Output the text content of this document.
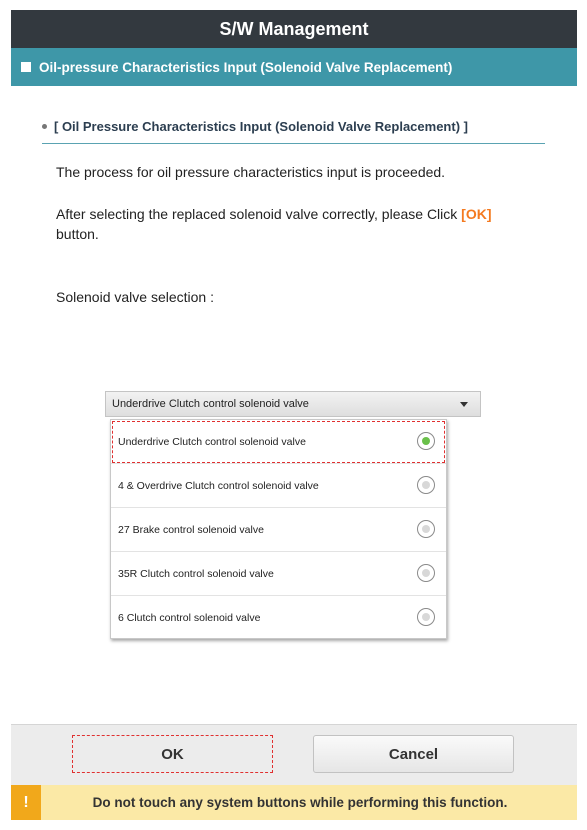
S/W Management
Oil-pressure Characteristics Input (Solenoid Valve Replacement)
[ Oil Pressure Characteristics Input (Solenoid Valve Replacement) ]
The process for oil pressure characteristics input is proceeded.
After selecting the replaced solenoid valve correctly, please Click [OK]
button.
Solenoid valve selection :
Underdrive Clutch control solenoid valve
Underdrive Clutch control solenoid valve
4 & Overdrive Clutch control solenoid valve
27 Brake control solenoid valve
35R Clutch control solenoid valve
6 Clutch control solenoid valve
OK	Cancel
!	Do not touch any system buttons while performing this function.
